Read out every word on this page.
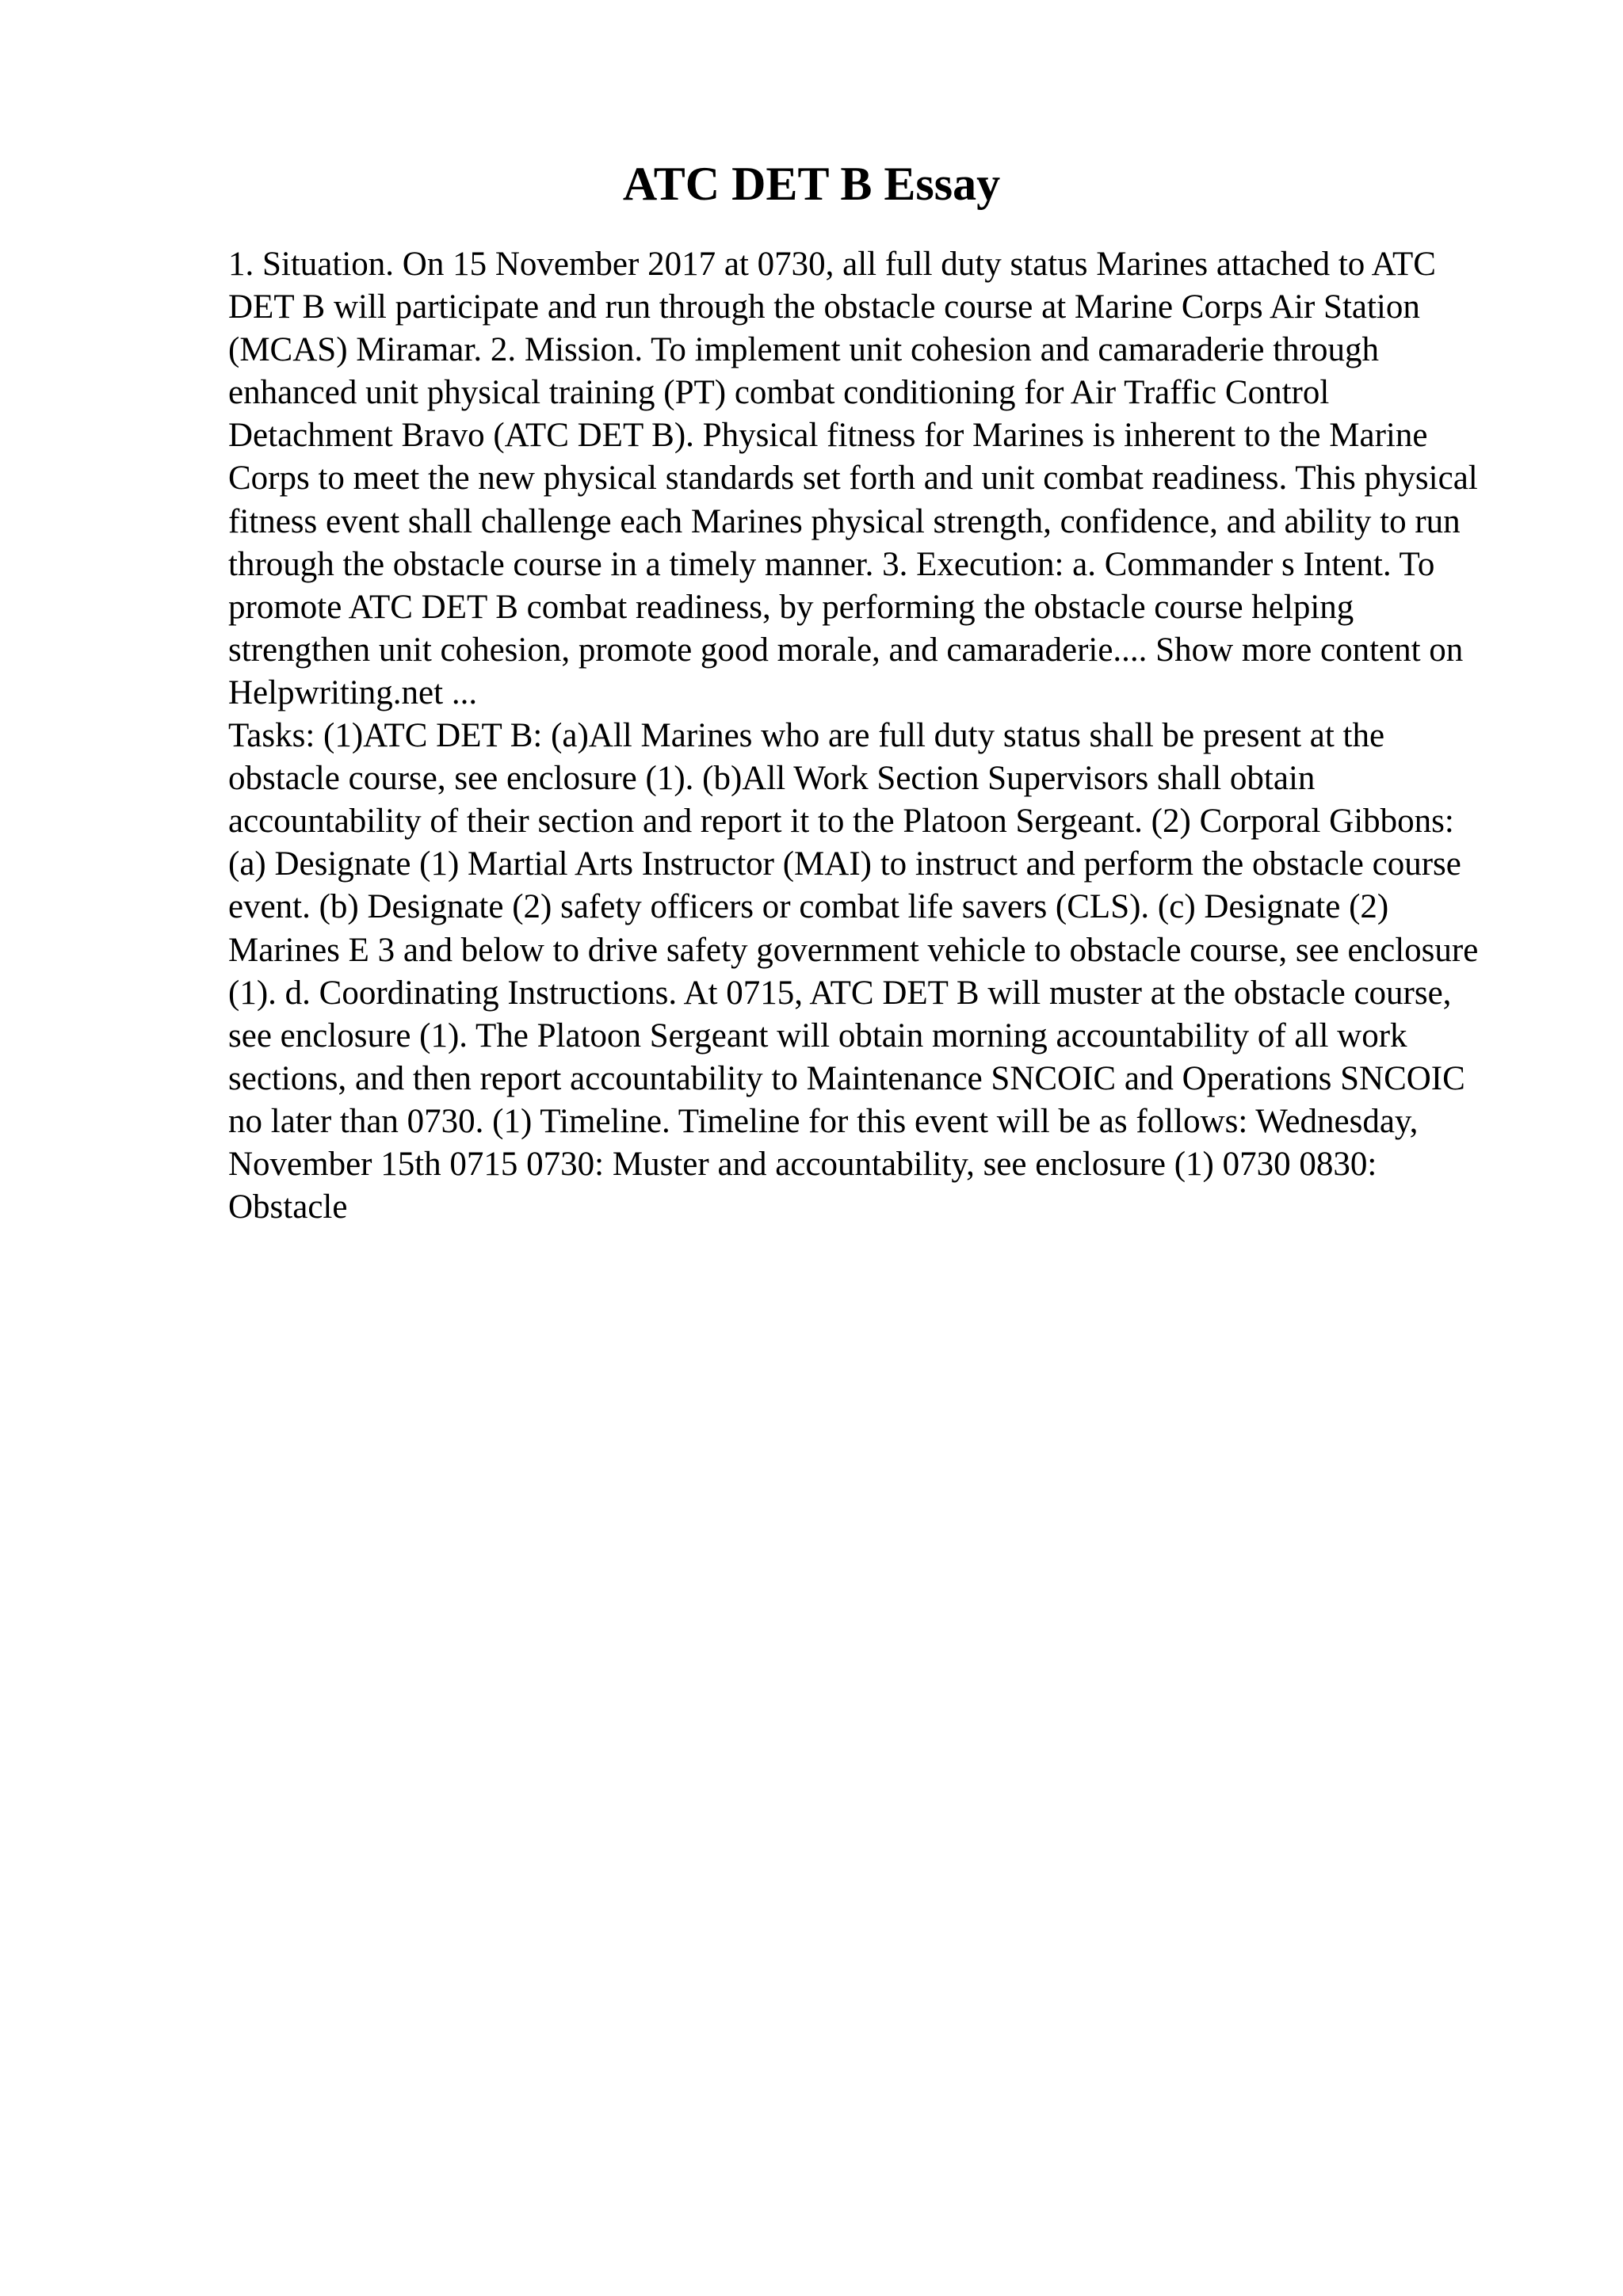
ATC DET B Essay

1. Situation. On 15 November 2017 at 0730, all full duty status Marines attached to ATC DET B will participate and run through the obstacle course at Marine Corps Air Station (MCAS) Miramar. 2. Mission. To implement unit cohesion and camaraderie through enhanced unit physical training (PT) combat conditioning for Air Traffic Control Detachment Bravo (ATC DET B). Physical fitness for Marines is inherent to the Marine Corps to meet the new physical standards set forth and unit combat readiness. This physical fitness event shall challenge each Marines physical strength, confidence, and ability to run through the obstacle course in a timely manner. 3. Execution: a. Commander s Intent. To promote ATC DET B combat readiness, by performing the obstacle course helping strengthen unit cohesion, promote good morale, and camaraderie.... Show more content on Helpwriting.net ...

Tasks: (1)ATC DET B: (a)All Marines who are full duty status shall be present at the obstacle course, see enclosure (1). (b)All Work Section Supervisors shall obtain accountability of their section and report it to the Platoon Sergeant. (2) Corporal Gibbons: (a) Designate (1) Martial Arts Instructor (MAI) to instruct and perform the obstacle course event. (b) Designate (2) safety officers or combat life savers (CLS). (c) Designate (2) Marines E 3 and below to drive safety government vehicle to obstacle course, see enclosure (1). d. Coordinating Instructions. At 0715, ATC DET B will muster at the obstacle course, see enclosure (1). The Platoon Sergeant will obtain morning accountability of all work sections, and then report accountability to Maintenance SNCOIC and Operations SNCOIC no later than 0730. (1) Timeline. Timeline for this event will be as follows: Wednesday, November 15th 0715 0730: Muster and accountability, see enclosure (1) 0730 0830: Obstacle
